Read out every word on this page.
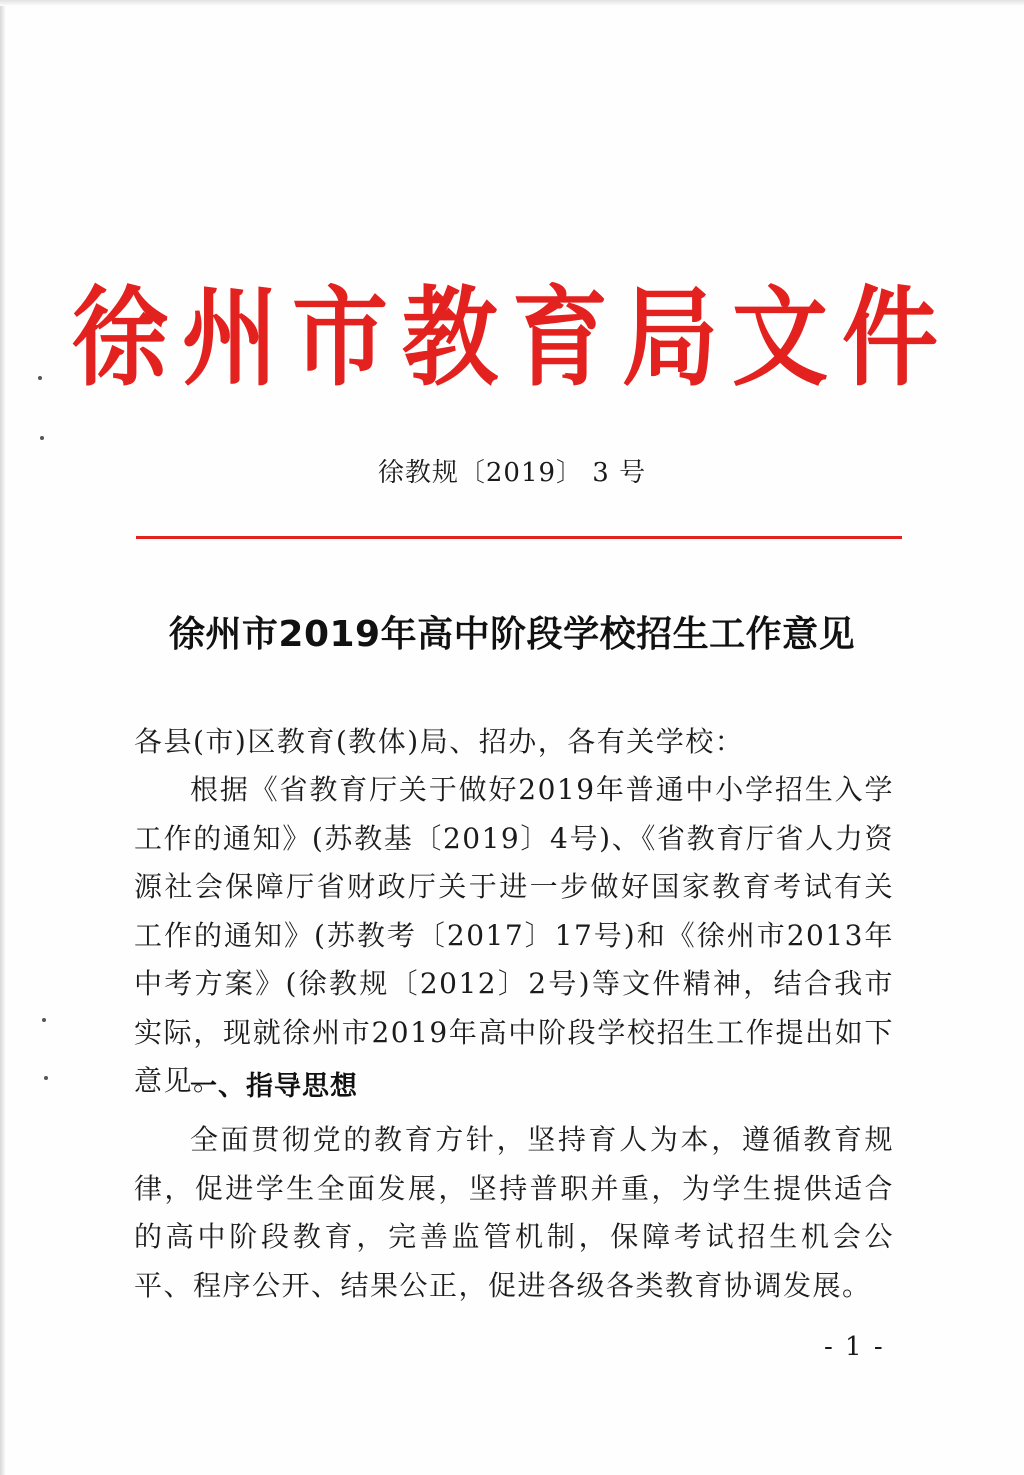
徐州市教育局文件
徐教规〔2019〕 3 号
徐州市2019年高中阶段学校招生工作意见
各县(市)区教育(教体)局、招办，各有关学校：
根据《省教育厅关于做好2019年普通中小学招生入学工作的通知》(苏教基〔2019〕4号)、《省教育厅省人力资源社会保障厅省财政厅关于进一步做好国家教育考试有关工作的通知》(苏教考〔2017〕17号)和《徐州市2013年中考方案》(徐教规〔2012〕2号)等文件精神，结合我市实际，现就徐州市2019年高中阶段学校招生工作提出如下意见。
一、指导思想
全面贯彻党的教育方针，坚持育人为本，遵循教育规律，促进学生全面发展，坚持普职并重，为学生提供适合的高中阶段教育，完善监管机制，保障考试招生机会公平、程序公开、结果公正，促进各级各类教育协调发展。
- 1 -
